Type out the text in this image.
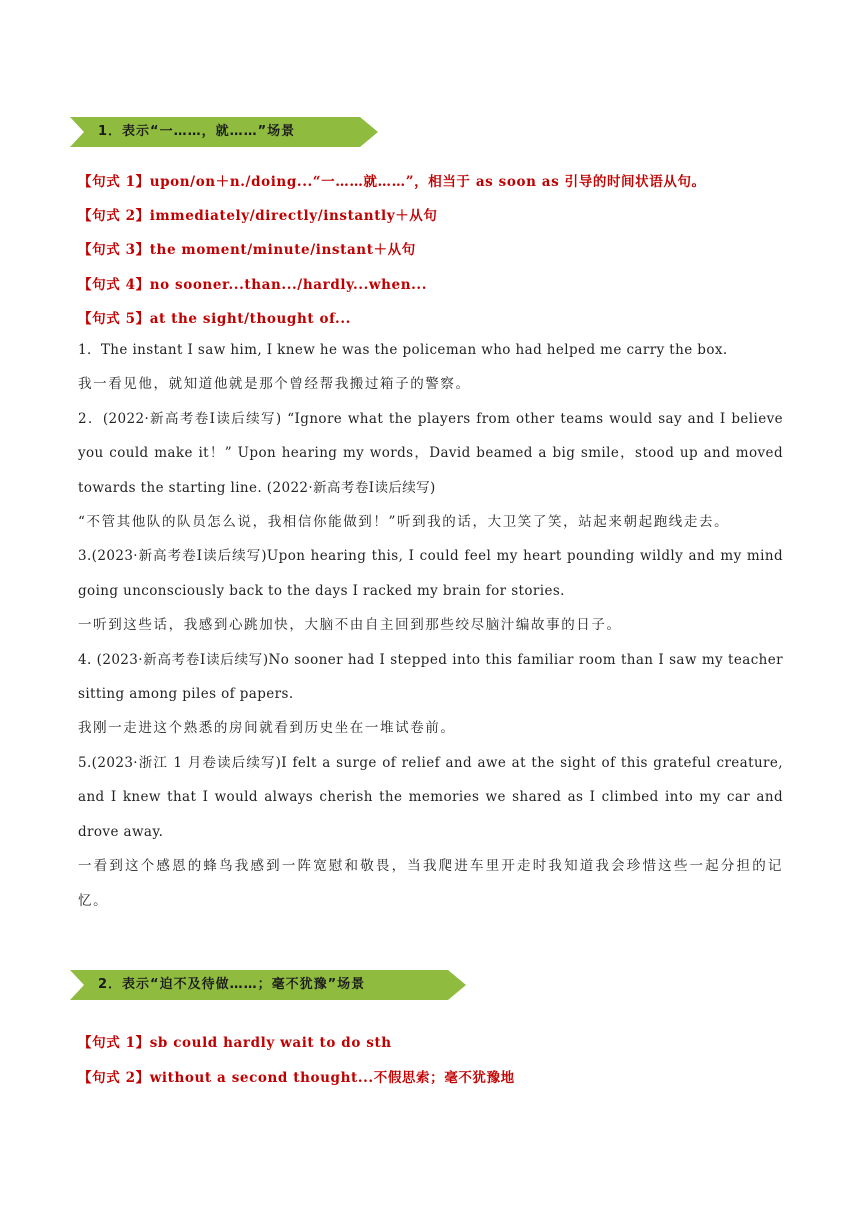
1．表示“一……，就……”场景
【句式 1】upon/on＋n./doing...“一……就……”，相当于 as soon as 引导的时间状语从句。
【句式 2】immediately/directly/instantly＋从句
【句式 3】the moment/minute/instant＋从句
【句式 4】no sooner...than.../hardly...when...
【句式 5】at the sight/thought of...

1．The instant I saw him, I knew he was the policeman who had helped me carry the box.

我一看见他，就知道他就是那个曾经帮我搬过箱子的警察。

2．(2022·新高考卷Ⅰ读后续写) “Ignore what the players from other teams would say and I believe you could make it！” Upon hearing my words，David beamed a big smile，stood up and moved towards the starting line. (2022·新高考卷Ⅰ读后续写)

“不管其他队的队员怎么说，我相信你能做到！”听到我的话，大卫笑了笑，站起来朝起跑线走去。

3.(2023·新高考卷Ⅰ读后续写)Upon hearing this, I could feel my heart pounding wildly and my mind going unconsciously back to the days I racked my brain for stories.

一听到这些话，我感到心跳加快，大脑不由自主回到那些绞尽脑汁编故事的日子。

4. (2023·新高考卷Ⅰ读后续写)No sooner had I stepped into this familiar room than I saw my teacher sitting among piles of papers.

我刚一走进这个熟悉的房间就看到历史坐在一堆试卷前。

5.(2023·浙江 1 月卷读后续写)I felt a surge of relief and awe at the sight of this grateful creature, and I knew that I would always cherish the memories we shared as I climbed into my car and drove away.

一看到这个感恩的蜂鸟我感到一阵宽慰和敬畏，当我爬进车里开走时我知道我会珍惜这些一起分担的记忆。

2．表示“迫不及待做……；毫不犹豫”场景
【句式 1】sb could hardly wait to do sth
【句式 2】without a second thought...不假思索；毫不犹豫地
